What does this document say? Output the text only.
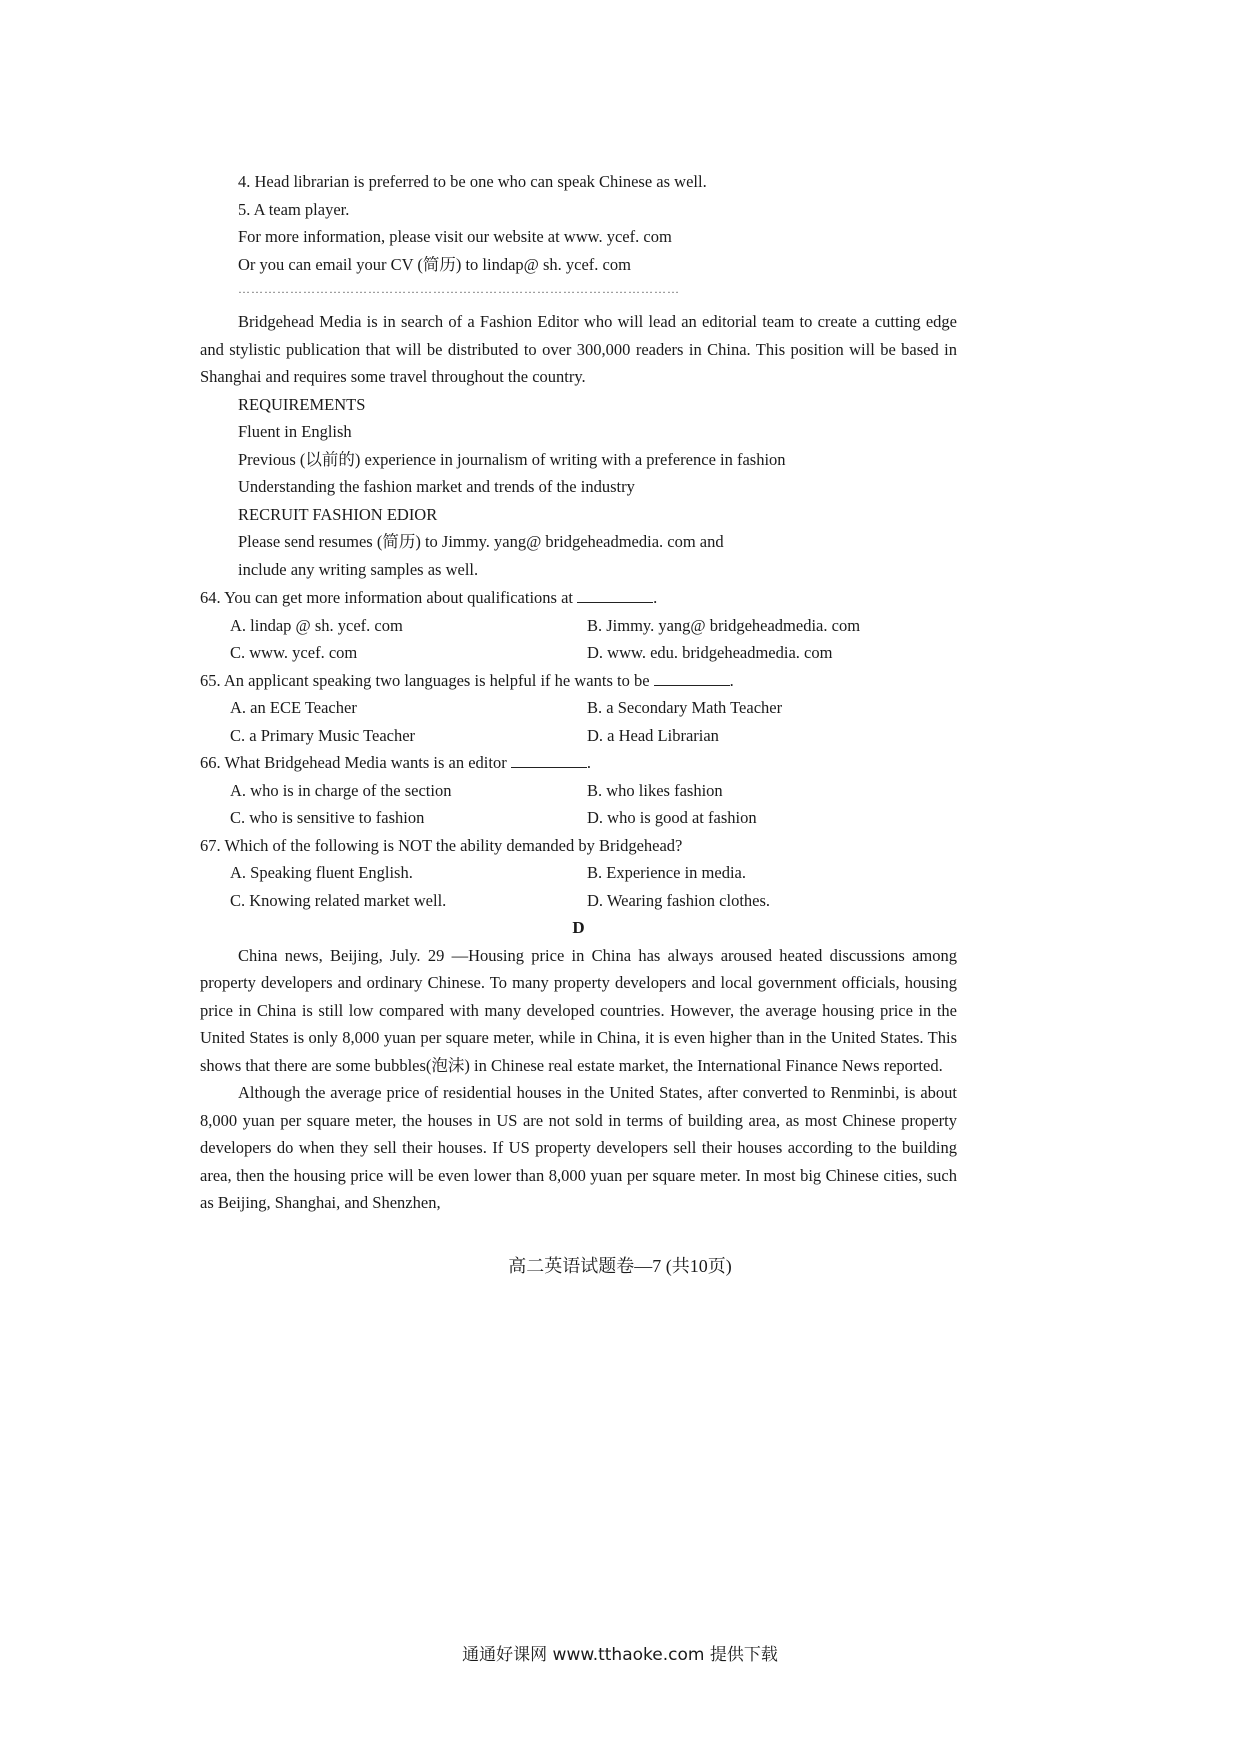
4. Head librarian is preferred to be one who can speak Chinese as well.
5. A team player.
For more information, please visit our website at www. ycef. com
Or you can email your CV (简历) to lindap@ sh. ycef. com
…………………………………………………………………………………………

Bridgehead Media is in search of a Fashion Editor who will lead an editorial team to create a cutting edge and stylistic publication that will be distributed to over 300,000 readers in China. This position will be based in Shanghai and requires some travel throughout the country.

REQUIREMENTS
Fluent in English
Previous (以前的) experience in journalism of writing with a preference in fashion
Understanding the fashion market and trends of the industry
RECRUIT FASHION EDIOR
Please send resumes (简历) to Jimmy. yang@ bridgeheadmedia. com and
include any writing samples as well.
64. You can get more information about qualifications at	.
A. lindap @ sh. ycef. com	B. Jimmy. yang@ bridgeheadmedia. com
C. www. ycef. com	D. www. edu. bridgeheadmedia. com
65. An applicant speaking two languages is helpful if he wants to be	.
A. an ECE Teacher	B. a Secondary Math Teacher
C. a Primary Music Teacher	D. a Head Librarian
66. What Bridgehead Media wants is an editor	.
A. who is in charge of the section	B. who likes fashion
C. who is sensitive to fashion	D. who is good at fashion
67. Which of the following is NOT the ability demanded by Bridgehead?
A. Speaking fluent English.	B. Experience in media.
C. Knowing related market well.	D. Wearing fashion clothes.
D

China news, Beijing, July. 29 —Housing price in China has always aroused heated discussions among property developers and ordinary Chinese. To many property developers and local government officials, housing price in China is still low compared with many developed countries. However, the average housing price in the United States is only 8,000 yuan per square meter, while in China, it is even higher than in the United States. This shows that there are some bubbles(泡沫) in Chinese real estate market, the International Finance News reported.

Although the average price of residential houses in the United States, after converted to Renminbi, is about 8,000 yuan per square meter, the houses in US are not sold in terms of building area, as most Chinese property developers do when they sell their houses. If US property developers sell their houses according to the building area, then the housing price will be even lower than 8,000 yuan per square meter. In most big Chinese cities, such as Beijing, Shanghai, and Shenzhen,

高二英语试题卷—7 (共10页)
通通好课网 www.tthaoke.com 提供下载
